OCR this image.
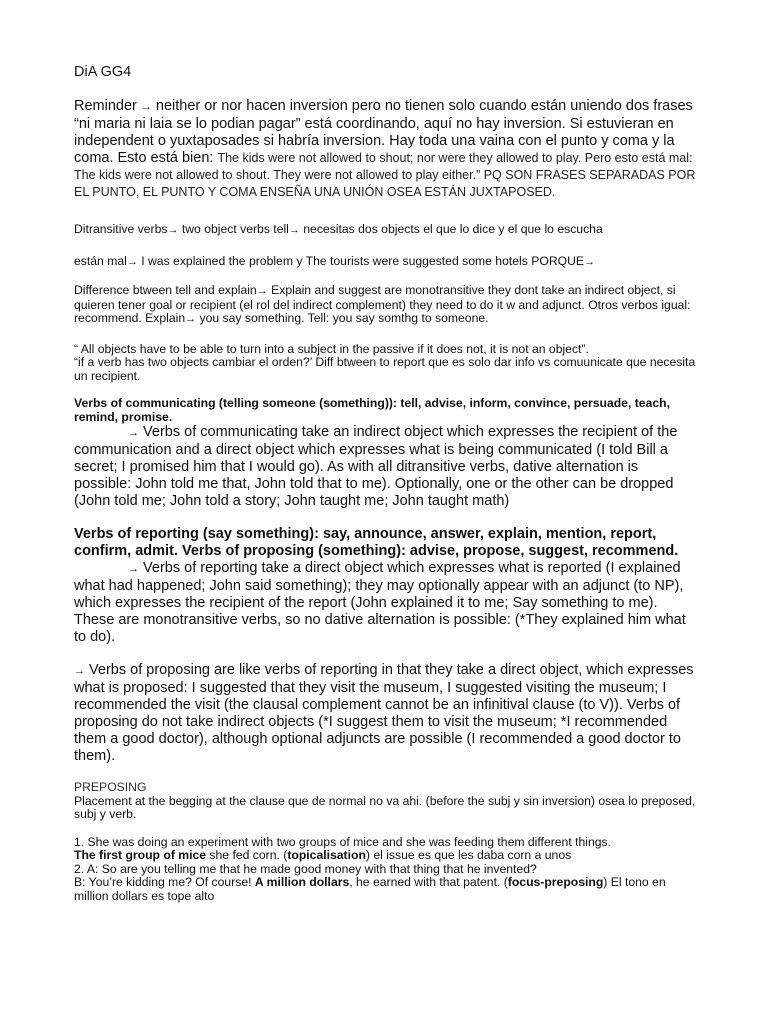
DiA GG4

Reminder → neither or nor hacen inversion pero no tienen solo cuando están uniendo dos frases “ni maria ni laia se lo podian pagar” está coordinando, aquí no hay inversion. Si estuvieran en independent o yuxtaposades si habría inversion. Hay toda una vaina con el punto y coma y la coma. Esto está bien: The kids were not allowed to shout; nor were they allowed to play. Pero esto está mal: The kids were not allowed to shout. They were not allowed to play either.” PQ SON FRASES SEPARADAS POR EL PUNTO, EL PUNTO Y COMA ENSEÑA UNA UNIÓN OSEA ESTÁN JUXTAPOSED.

Ditransitive verbs→ two object verbs tell→ necesitas dos objects el que lo dice y el que lo escucha

están mal→ I was explained the problem y The tourists were suggested some hotels PORQUE→

Difference btween tell and explain→ Explain and suggest are monotransitive they dont take an indirect object, si quieren tener goal or recipient (el rol del indirect complement) they need to do it w and adjunct. Otros verbos igual: recommend. Explain→ you say something. Tell: you say somthg to someone.

“ All objects have to be able to turn into a subject in the passive if it does not, it is not an object”.

“if a verb has two objects cambiar el orden?’ Diff btween to report que es solo dar info vs comuunicate que necesita un recipient.

Verbs of communicating (telling someone (something)): tell, advise, inform, convince, persuade, teach, remind, promise.

→ Verbs of communicating take an indirect object which expresses the recipient of the communication and a direct object which expresses what is being communicated (I told Bill a secret; I promised him that I would go). As with all ditransitive verbs, dative alternation is possible: John told me that, John told that to me). Optionally, one or the other can be dropped (John told me; John told a story; John taught me; John taught math)

Verbs of reporting (say something): say, announce, answer, explain, mention, report, confirm, admit. Verbs of proposing (something): advise, propose, suggest, recommend.

→ Verbs of reporting take a direct object which expresses what is reported (I explained what had happened; John said something); they may optionally appear with an adjunct (to NP), which expresses the recipient of the report (John explained it to me; Say something to me). These are monotransitive verbs, so no dative alternation is possible: (*They explained him what to do).

→ Verbs of proposing are like verbs of reporting in that they take a direct object, which expresses what is proposed: I suggested that they visit the museum, I suggested visiting the museum; I recommended the visit (the clausal complement cannot be an infinitival clause (to V)). Verbs of proposing do not take indirect objects (*I suggest them to visit the museum; *I recommended them a good doctor), although optional adjuncts are possible (I recommended a good doctor to them).

PREPOSING

Placement at the begging at the clause que de normal no va ahi. (before the subj y sin inversion) osea lo preposed, subj y verb.

1. She was doing an experiment with two groups of mice and she was feeding them different things.

The first group of mice she fed corn. (topicalisation) el issue es que les daba corn a unos

2. A: So are you telling me that he made good money with that thing that he invented?

B: You’re kidding me? Of course! A million dollars, he earned with that patent. (focus-preposing) El tono en million dollars es tope alto
